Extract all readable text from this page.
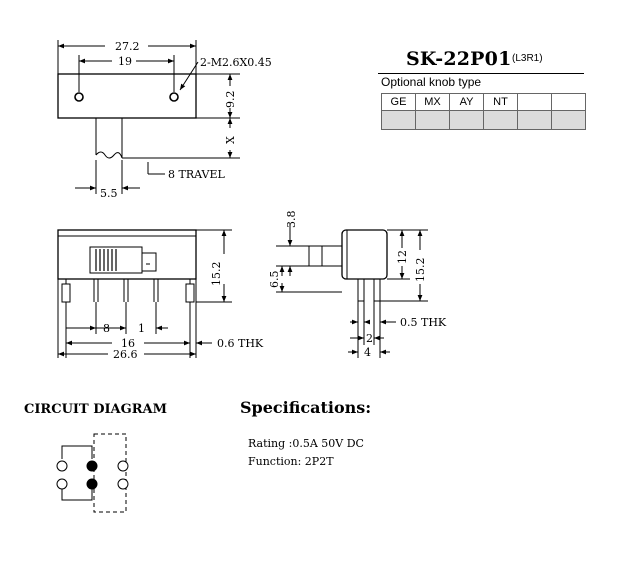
27.2
19	2-M2.6X0.45
9.2
X
5.5
8 TRAVEL
15.2
8	1
16
26.6
0.6 THK
3.8
6.5
12
15.2
0.5 THK
2
4
SK-22P01 (L3R1)
Optional knob type
GE	MX	AY	NT		

CIRCUIT DIAGRAM	Specifications:
Rating :0.5A 50V DC
Function: 2P2T
